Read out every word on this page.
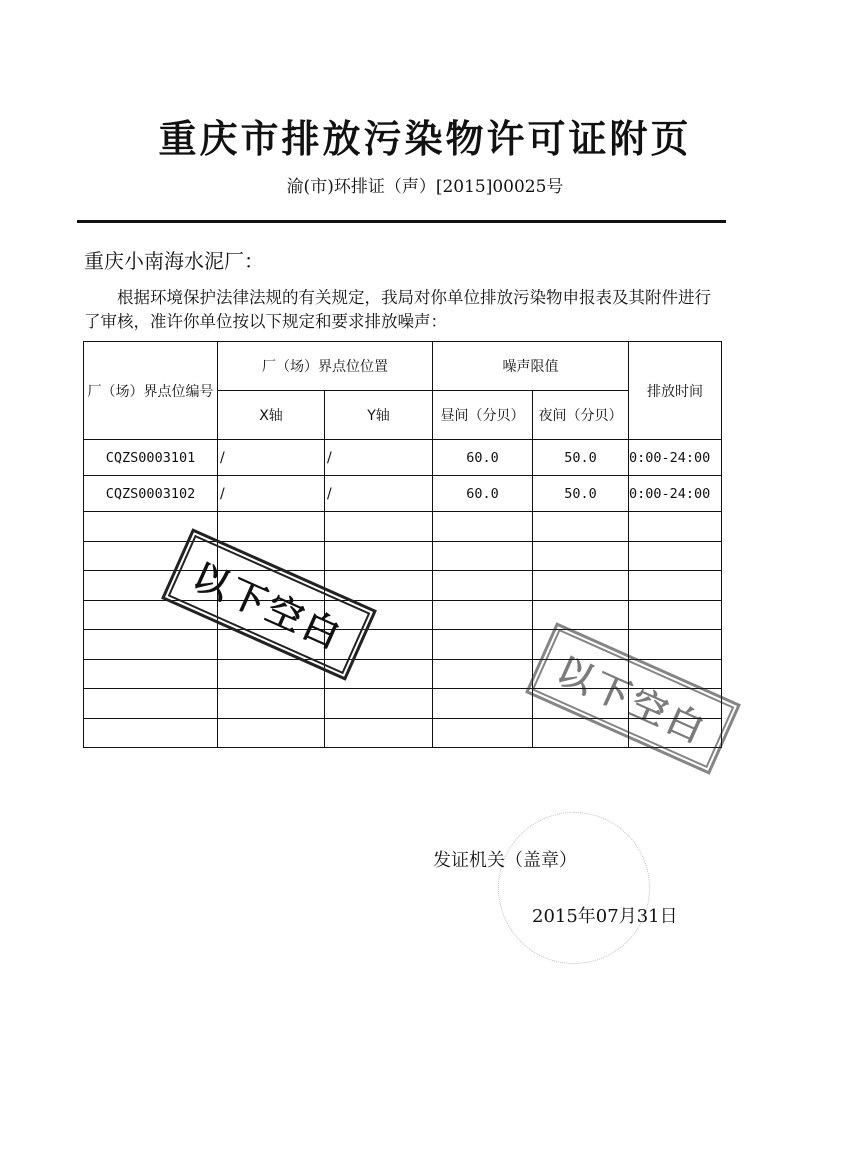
重庆市排放污染物许可证附页
渝(市)环排证（声）[2015]00025号
重庆小南海水泥厂：
根据环境保护法律法规的有关规定，我局对你单位排放污染物申报表及其附件进行了审核，准许你单位按以下规定和要求排放噪声：
厂（场）界点位编号	厂（场）界点位位置		噪声限值		排放时间
	X轴	Y轴	昼间（分贝）	夜间（分贝）	
CQZS0003101	/	/	60.0	50.0	0:00-24:00
CQZS0003102	/	/	60.0	50.0	0:00-24:00

以下空白
以下空白
发证机关（盖章）
2015年07月31日
